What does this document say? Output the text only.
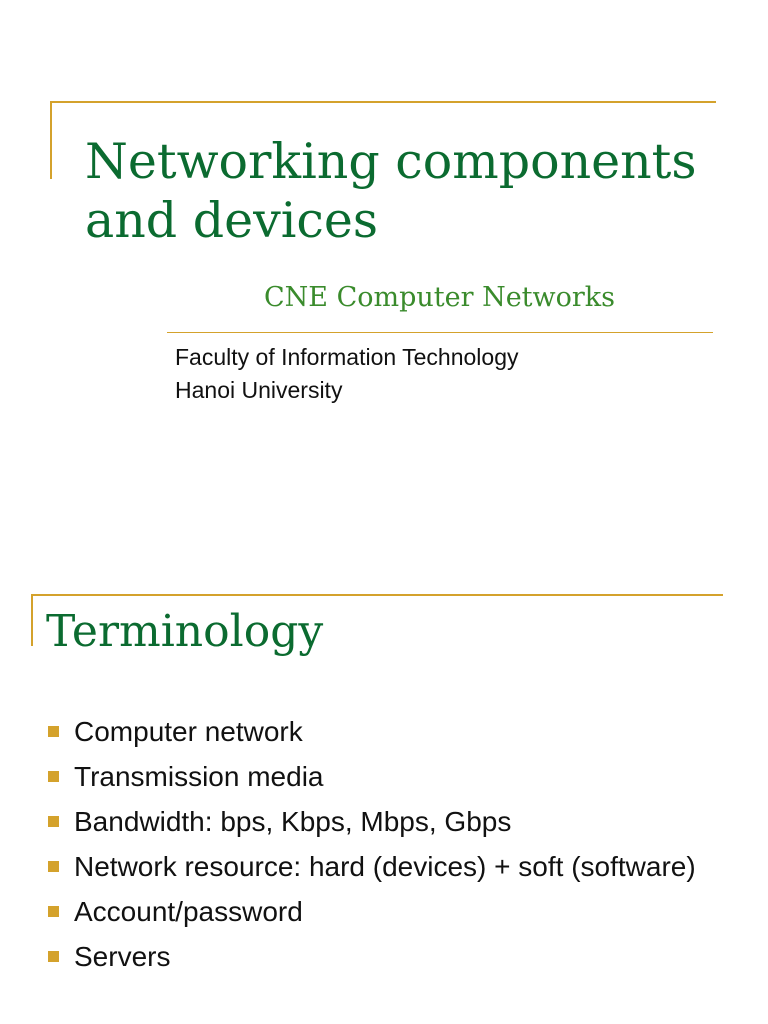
Networking components and devices

CNE Computer Networks

Faculty of Information Technology
Hanoi University
Terminology
Computer network
Transmission media
Bandwidth: bps, Kbps, Mbps, Gbps
Network resource: hard (devices) + soft (software)
Account/password
Servers
